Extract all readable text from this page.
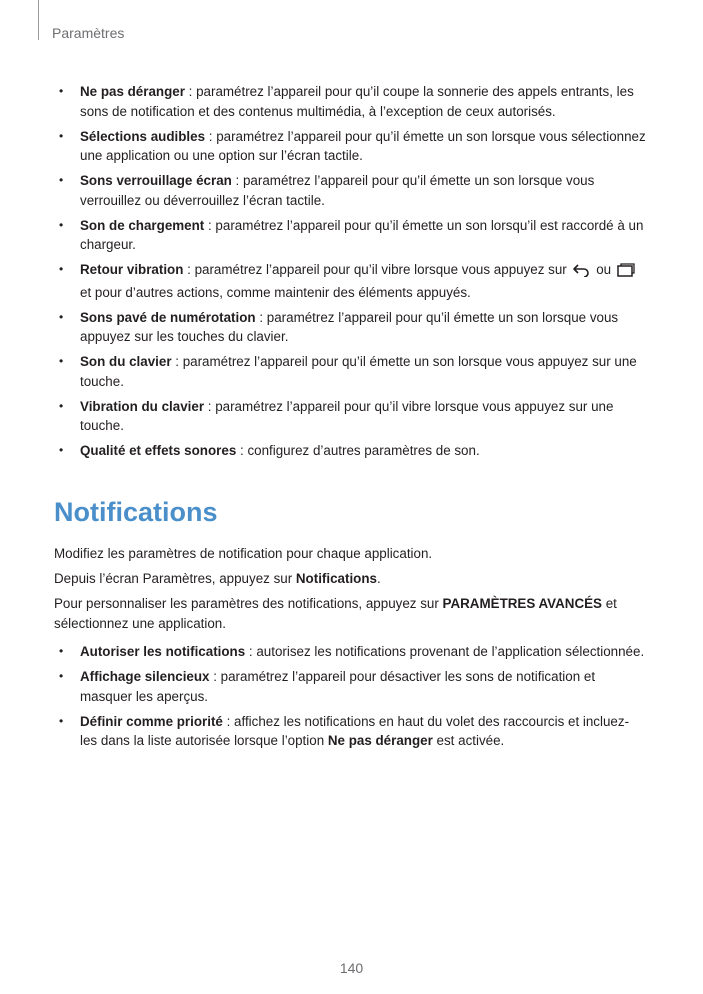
Paramètres
• Ne pas déranger : paramétrez l’appareil pour qu’il coupe la sonnerie des appels entrants, les sons de notification et des contenus multimédia, à l’exception de ceux autorisés.
• Sélections audibles : paramétrez l’appareil pour qu’il émette un son lorsque vous sélectionnez une application ou une option sur l’écran tactile.
• Sons verrouillage écran : paramétrez l’appareil pour qu’il émette un son lorsque vous verrouillez ou déverrouillez l’écran tactile.
• Son de chargement : paramétrez l’appareil pour qu’il émette un son lorsqu’il est raccordé à un chargeur.
• Retour vibration : paramétrez l’appareil pour qu’il vibre lorsque vous appuyez sur  ou  et pour d’autres actions, comme maintenir des éléments appuyés.
• Sons pavé de numérotation : paramétrez l’appareil pour qu’il émette un son lorsque vous appuyez sur les touches du clavier.
• Son du clavier : paramétrez l’appareil pour qu’il émette un son lorsque vous appuyez sur une touche.
• Vibration du clavier : paramétrez l’appareil pour qu’il vibre lorsque vous appuyez sur une touche.
• Qualité et effets sonores : configurez d’autres paramètres de son.
Notifications

Modifiez les paramètres de notification pour chaque application.

Depuis l’écran Paramètres, appuyez sur Notifications.

Pour personnaliser les paramètres des notifications, appuyez sur PARAMÈTRES AVANCÉS et sélectionnez une application.

• Autoriser les notifications : autorisez les notifications provenant de l’application sélectionnée.
• Affichage silencieux : paramétrez l’appareil pour désactiver les sons de notification et masquer les aperçus.
• Définir comme priorité : affichez les notifications en haut du volet des raccourcis et incluez-les dans la liste autorisée lorsque l’option Ne pas déranger est activée.
140
